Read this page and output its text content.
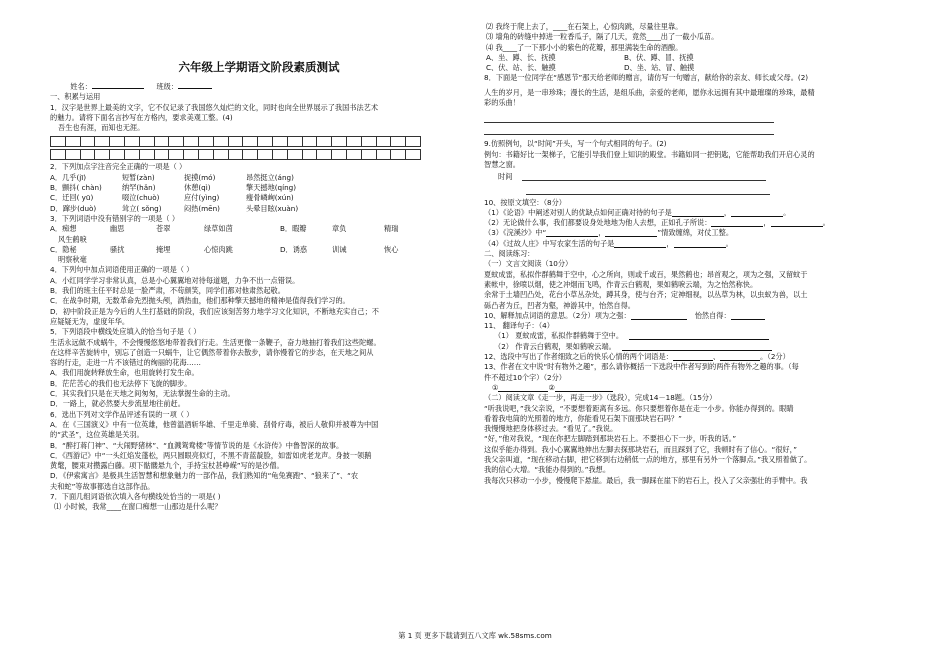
六年级上学期语文阶段素质测试
姓名：	班级：
一、积累与运用
1．汉字是世界上最美的文字，它不仅记录了我国悠久灿烂的文化，同时也向全世界展示了我国书法艺术
的魅力。请将下面名言抄写在方格内，要求美观工整。(4)
吾生也有涯，而知也无涯。
2．下列加点字注音完全正确的一项是（ ）
A．几乎(jī)	短暂(zàn)	捉摸(mó)	昂然挺立(áng)
B．颤抖( chàn)	纳罕(hǎn)	休憩(qì)	擎天撼地(qíng)
C．迁回( yū)	啜泣(chuò)	应付(yìng)	瘦骨嶙峋(xún)
D．蹿步(duò)	耸立( sǒng)	闷热(mēn)	头晕目眩(xuàn)
3．下列词语中没有错别字的一项是（ ）
A．痴想	幽思	苍翠	绿草如茵	B．暇瓣	章负	精瑞
风生鹤唳
C．隐秘	骚扰	掩埋	心惊肉跳	D．诱惑	训诫	恢心
明察秋毫
4．下列句中加点词语使用正确的一项是（ ）
A．小红同学学习非常认真，总是小心翼翼地对待每道题，力争不出一点错误。
B．我们的班主任平时总是一脸严肃，不苟颜笑，同学们都对他肃然起敬。
C．在战争时期，无数革命先烈抛头颅，洒热血，他们那种擎天撼地的精神是值得我们学习的。
D．初中阶段正是为今后的人生打基础的阶段，我们应该刻苦努力地学习文化知识，不断地充实自己；不
应疑疑无为，虚度年华。
5．下列语段中横线处应填入的恰当句子是（ ）
生活永远做不成蜗牛，不会慢慢悠悠地带着我们行走。生活更像一条鞭子，奋力地抽打着我们这些陀螺。
在这样辛苦旋转中，别忘了创造一只蜗牛，让它偶然带着你去散步，请你慢着它的步态，在天地之间从
容的行走，走进一片不该错过的绚丽的花海……
A．我们用旋转释放生命，也用旋转打发生命。
B．茫茫苦心的我们也无法停下飞旋的脚步。
C．其实我们只是在天地之间匆匆，无法掌握生命的主动。
D．一路上，就必然要大步流星地往前赶。
6．选出下列对文学作品评述有误的一项（ ）
A．在《三国演义》中有一位英雄，他曾温酒斩华雄、千里走单骑、刮骨疗毒，被后人敬仰并被尊为中国
的“武圣”，这位英雄是关羽。
B．“醉打蒋门神”、“大闹野猪林”、“血溅鸳鸯楼”等情节说的是《水浒传》中鲁智深的故事。
C．《西游记》中“一头红焰发蓬松，两只圆眼亮似灯，不黑不青蓝靛脸，如雷如虎老龙声。身披一领鹅
黄氅，腰束对攒露白藤。项下骷髅悬九个，手持宝杖甚峥嵘”写的是沙僧。
D．《伊索寓言》是极具生活智慧和想象魅力的一部作品，我们熟知的“龟兔赛跑”、“狼来了”、“农
夫和蛇”等故事都选自这部作品。
7．下面几组词语依次填入各句横线处恰当的一项是( )
⑴ 小时候，我常____在窗口痴想一山那边是什么呢？
⑵ 我终于爬上去了，____在石架上，心惊肉跳，尽量往里靠。
⑶ 墙角的砖缝中掉进一粒香瓜子，隔了几天，竟然____出了一截小瓜苗。
⑷ 我____了一下那小小的紫色的花瓣，那里满装生命的酒酿。
A、坐、蹲、长、抚摸	B、伏、蹲、冒、抚摸
C、伏、站、长、触摸	D、坐、站、冒、触摸
8．下面是一位同学在“感恩节”那天给老师的赠言，请仿写一句赠言，献给你的亲友、师长或父母。(2)
人生的岁月，是一串珍珠；漫长的生活，是组乐曲，亲爱的老师，愿你永远拥有其中最璀璨的珍珠，最精
彩的乐曲！
9.仿照例句，以“时间”开头，写一个句式相同的句子。(2)
例句：书籍好比一架梯子，它能引导我们登上知识的殿堂。书籍如同一把钥匙，它能帮助我们开启心灵的
智慧之窗。
时间
10、按原文填空：（8分）
（1）《论语》中阐述对别人的优缺点如何正确对待的句子是	，	。
（2）无论做什么事，我们都要设身处地地为他人去想，正如孔子所说：	，	。
（3）《浣溪沙》中“	，	”情致缠绵，对仗工整。
（4）《过故人庄》中写农家生活的句子是	，	。
二、阅读练习：
（一）文言文阅读（10分）
夏蚊成雷，私拟作群鹤舞于空中，心之所向，则或千或百，果然鹤也；昂首观之，项为之强，又留蚊于
素帐中，徐喷以烟，使之冲烟而飞鸣，作青云白鹤观，果如鹤唳云端，为之怡然称快。
余常于土墙凹凸处，花台小草丛杂处，蹲其身，使与台齐；定神细视，以丛草为林，以虫蚁为兽，以土
砾凸者为丘，凹者为壑，神游其中，怡然自得。
10、解释加点词语的意思。（2分）项为之强：	怡然自得：
11、 翻译句子：（4）
（1） 夏蚊成雷，私拟作群鹤舞于空中。
（2） 作青云白鹤观，果如鹤唳云端。
12、选段中写出了作者细致之后的快乐心情的两个词语是：	、	。（2分）
13、作者在文中说“时有物外之趣”，那么请你概括一下选段中作者写到的两件有物外之趣的事。（每
件不超过10个字）（2分）
①	②
（二）阅读文章《走一步，再走一步》（选段），完成14－18题。（15分）
“听我说吧，”我父亲说，“不要想着距离有多远。你只要想着你是在走一小步。你能办得到的。眼睛
看着我电筒的光照着的地方，你能看见石架下面那块岩石吗？”
我慢慢地把身体移过去。“看见了。”我说。
“好，”他对我说，“现在你把左脚踏到那块岩石上。不要担心下一步，听我的话。”
这似乎能办得到。我小心翼翼地伸出左脚去探那块岩石，而且踩到了它，我顿时有了信心。“很好，”
我父亲叫道，“现在移动右脚，把它移到右边稍低一点的地方，那里有另外一个落脚点。”我又照着做了。
我的信心大增。“我能办得到的。”我想。
我每次只移动一小步，慢慢爬下悬崖。最后，我一脚踩在崖下的岩石上，投入了父亲强壮的手臂中。我
第 1 页 更多下载请到五八文库 wk.58sms.com
